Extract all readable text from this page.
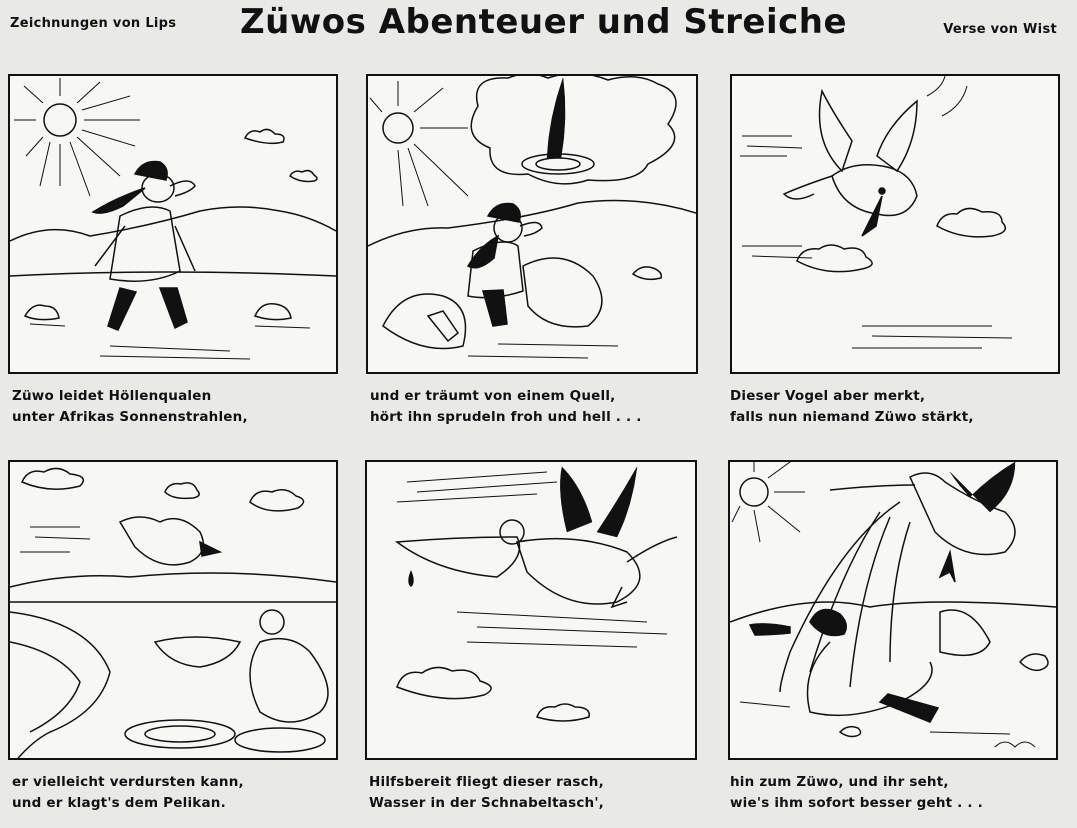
Zeichnungen von Lips Züwos Abenteuer und Streiche	Verse von Wist
Züwo leidet Höllenqualen
unter Afrikas Sonnenstrahlen,
und er träumt von einem Quell,
hört ihn sprudeln froh und hell . . .
Dieser Vogel aber merkt,
falls nun niemand Züwo stärkt,
er vielleicht verdursten kann,
und er klagt's dem Pelikan.
Hilfsbereit fliegt dieser rasch,
Wasser in der Schnabeltasch',
hin zum Züwo, und ihr seht,
wie's ihm sofort besser geht . . .
